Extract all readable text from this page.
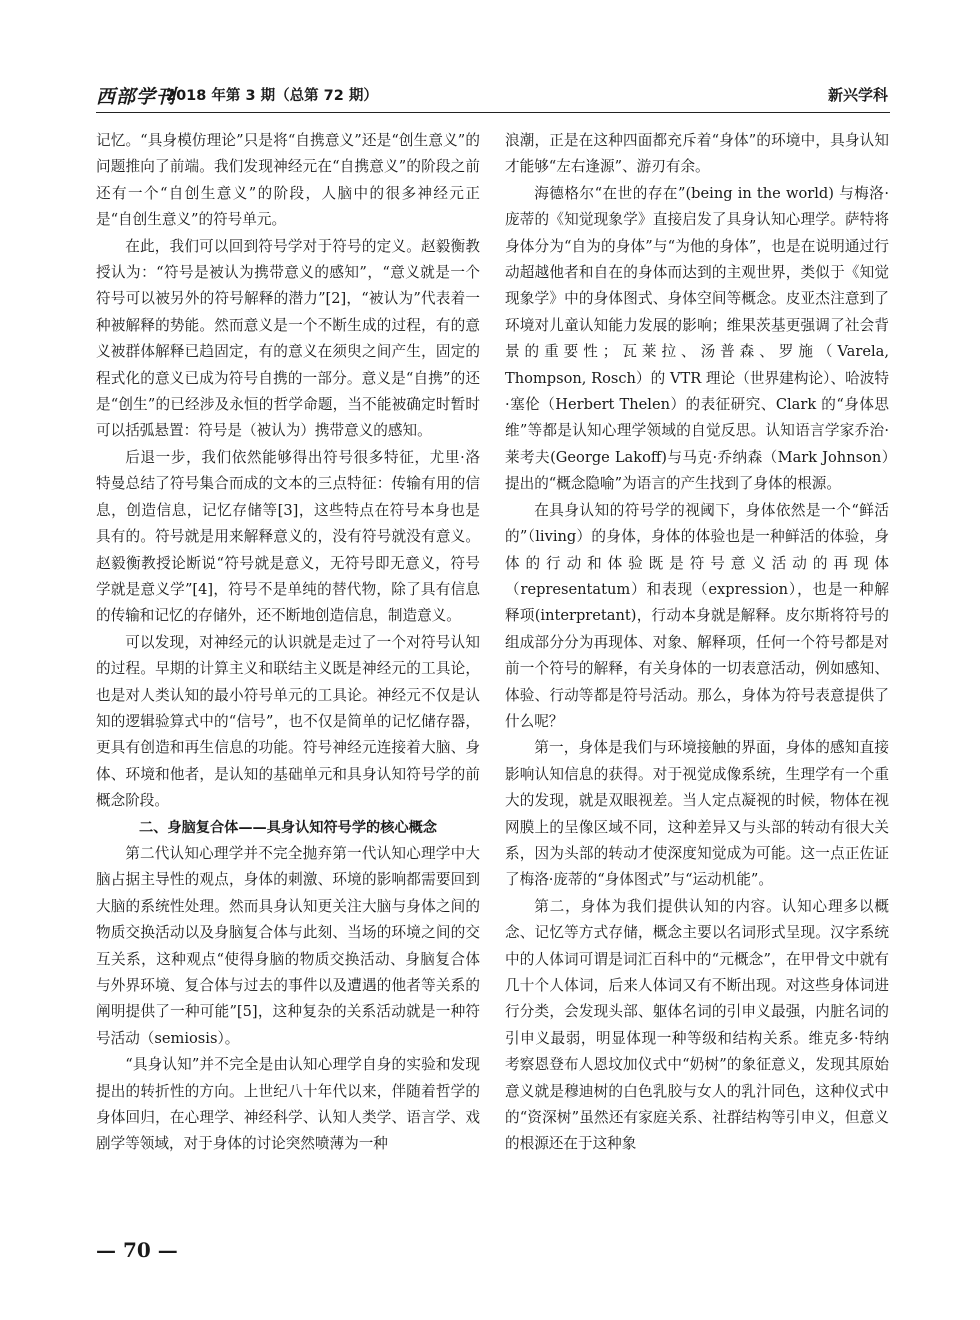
西部学刊
2018 年第 3 期（总第 72 期）	新兴学科

记忆。“具身模仿理论”只是将“自携意义”还是“创生意义”的问题推向了前端。我们发现神经元在“自携意义”的阶段之前还有一个“自创生意义”的阶段，人脑中的很多神经元正是“自创生意义”的符号单元。

在此，我们可以回到符号学对于符号的定义。赵毅衡教授认为：“符号是被认为携带意义的感知”，“意义就是一个符号可以被另外的符号解释的潜力”[2]，“被认为”代表着一种被解释的势能。然而意义是一个不断生成的过程，有的意义被群体解释已趋固定，有的意义在须臾之间产生，固定的程式化的意义已成为符号自携的一部分。意义是“自携”的还是“创生”的已经涉及永恒的哲学命题，当不能被确定时暂时可以括弧悬置：符号是（被认为）携带意义的感知。

后退一步，我们依然能够得出符号很多特征，尤里·洛特曼总结了符号集合而成的文本的三点特征：传输有用的信息，创造信息，记忆存储等[3]，这些特点在符号本身也是具有的。符号就是用来解释意义的，没有符号就没有意义。赵毅衡教授论断说“符号就是意义，无符号即无意义，符号学就是意义学”[4]，符号不是单纯的替代物，除了具有信息的传输和记忆的存储外，还不断地创造信息，制造意义。

可以发现，对神经元的认识就是走过了一个对符号认知的过程。早期的计算主义和联结主义既是神经元的工具论，也是对人类认知的最小符号单元的工具论。神经元不仅是认知的逻辑验算式中的“信号”，也不仅是简单的记忆储存器，更具有创造和再生信息的功能。符号神经元连接着大脑、身体、环境和他者，是认知的基础单元和具身认知符号学的前概念阶段。

二、身脑复合体——具身认知符号学的核心概念

第二代认知心理学并不完全抛弃第一代认知心理学中大脑占据主导性的观点，身体的刺激、环境的影响都需要回到大脑的系统性处理。然而具身认知更关注大脑与身体之间的物质交换活动以及身脑复合体与此刻、当场的环境之间的交互关系，这种观点“使得身脑的物质交换活动、身脑复合体与外界环境、复合体与过去的事件以及遭遇的他者等关系的阐明提供了一种可能”[5]，这种复杂的关系活动就是一种符号活动（semiosis）。

“具身认知”并不完全是由认知心理学自身的实验和发现提出的转折性的方向。上世纪八十年代以来，伴随着哲学的身体回归，在心理学、神经科学、认知人类学、语言学、戏剧学等领域，对于身体的讨论突然喷薄为一种

浪潮，正是在这种四面都充斥着“身体”的环境中，具身认知才能够“左右逢源”、游刃有余。

海德格尔“在世的存在”(being in the world) 与梅洛·庞蒂的《知觉现象学》直接启发了具身认知心理学。萨特将身体分为“自为的身体”与“为他的身体”，也是在说明通过行动超越他者和自在的身体而达到的主观世界，类似于《知觉现象学》中的身体图式、身体空间等概念。皮亚杰注意到了环境对儿童认知能力发展的影响；维果茨基更强调了社会背景的重要性；瓦莱拉、汤普森、罗施（Varela, Thompson, Rosch）的 VTR 理论（世界建构论）、哈波特·塞伦（Herbert Thelen）的表征研究、Clark 的“身体思维”等都是认知心理学领域的自觉反思。认知语言学家乔治·莱考夫(George Lakoff)与马克·乔纳森（Mark Johnson）提出的“概念隐喻”为语言的产生找到了身体的根源。

在具身认知的符号学的视阈下，身体依然是一个“鲜活的”（living）的身体，身体的体验也是一种鲜活的体验，身体的行动和体验既是符号意义活动的再现体（representatum）和表现（expression），也是一种解释项(interpretant)，行动本身就是解释。皮尔斯将符号的组成部分分为再现体、对象、解释项，任何一个符号都是对前一个符号的解释，有关身体的一切表意活动，例如感知、体验、行动等都是符号活动。那么，身体为符号表意提供了什么呢？

第一，身体是我们与环境接触的界面，身体的感知直接影响认知信息的获得。对于视觉成像系统，生理学有一个重大的发现，就是双眼视差。当人定点凝视的时候，物体在视网膜上的呈像区域不同，这种差异又与头部的转动有很大关系，因为头部的转动才使深度知觉成为可能。这一点正佐证了梅洛·庞蒂的“身体图式”与“运动机能”。

第二，身体为我们提供认知的内容。认知心理多以概念、记忆等方式存储，概念主要以名词形式呈现。汉字系统中的人体词可谓是词汇百科中的“元概念”，在甲骨文中就有几十个人体词，后来人体词又有不断出现。对这些身体词进行分类，会发现头部、躯体名词的引申义最强，内脏名词的引申义最弱，明显体现一种等级和结构关系。维克多·特纳考察恩登布人恩坟加仪式中“奶树”的象征意义，发现其原始意义就是穆迪树的白色乳胶与女人的乳汁同色，这种仪式中的“资深树”虽然还有家庭关系、社群结构等引申义，但意义的根源还在于这种象

— 70 —
